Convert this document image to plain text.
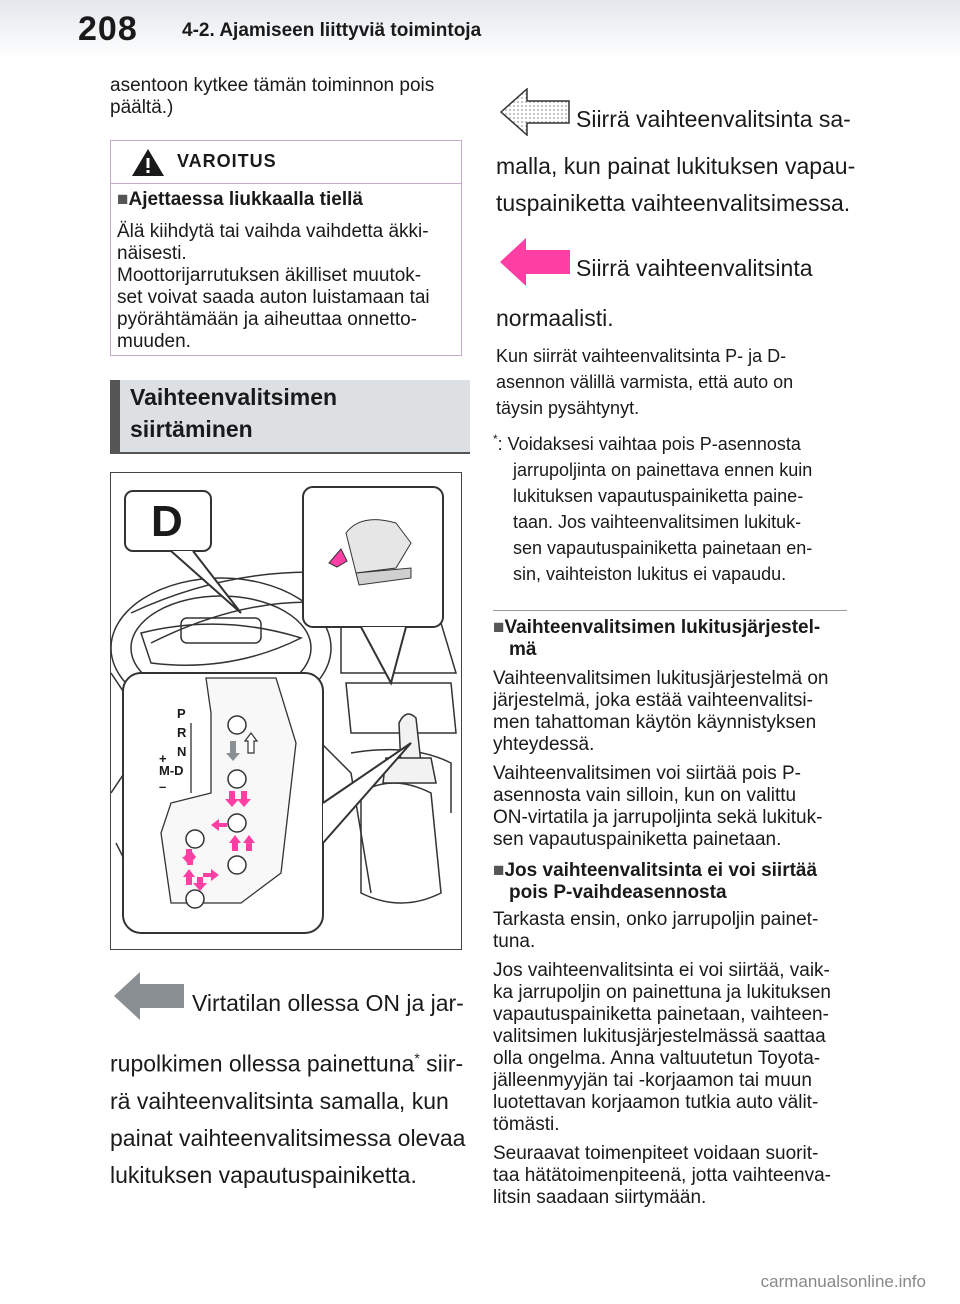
208 4-2. Ajamiseen liittyviä toimintoja
asentoon kytkee tämän toiminnon pois
päältä.)
VAROITUS
■Ajettaessa liukkaalla tiellä
Älä kiihdytä tai vaihda vaihdetta äkki-
näisesti.
Moottorijarrutuksen äkilliset muutok-
set voivat saada auton luistamaan tai
pyörähtämään ja aiheuttaa onnetto-
muuden.
Vaihteenvalitsimen
siirtäminen
D
P
R
N
+
M-D
–
Virtatilan ollessa ON ja jar-
rupolkimen ollessa painettuna* siir-
rä vaihteenvalitsinta samalla, kun
painat vaihteenvalitsimessa olevaa
lukituksen vapautuspainiketta.
Siirrä vaihteenvalitsinta sa-
malla, kun painat lukituksen vapau-
tuspainiketta vaihteenvalitsimessa.
Siirrä vaihteenvalitsinta
normaalisti.
Kun siirrät vaihteenvalitsinta P- ja D-
asennon välillä varmista, että auto on
täysin pysähtynyt.
*: Voidaksesi vaihtaa pois P-asennosta
jarrupoljinta on painettava ennen kuin
lukituksen vapautuspainiketta paine-
taan. Jos vaihteenvalitsimen lukituk-
sen vapautuspainiketta painetaan en-
sin, vaihteiston lukitus ei vapaudu.
■Vaihteenvalitsimen lukitusjärjestel-
mä
Vaihteenvalitsimen lukitusjärjestelmä on
järjestelmä, joka estää vaihteenvalitsi-
men tahattoman käytön käynnistyksen
yhteydessä.
Vaihteenvalitsimen voi siirtää pois P-
asennosta vain silloin, kun on valittu
ON-virtatila ja jarrupoljinta sekä lukituk-
sen vapautuspainiketta painetaan.
■Jos vaihteenvalitsinta ei voi siirtää
pois P-vaihdeasennosta
Tarkasta ensin, onko jarrupoljin painet-
tuna.
Jos vaihteenvalitsinta ei voi siirtää, vaik-
ka jarrupoljin on painettuna ja lukituksen
vapautuspainiketta painetaan, vaihteen-
valitsimen lukitusjärjestelmässä saattaa
olla ongelma. Anna valtuutetun Toyota-
jälleenmyyjän tai -korjaamon tai muun
luotettavan korjaamon tutkia auto välit-
tömästi.
Seuraavat toimenpiteet voidaan suorit-
taa hätätoimenpiteenä, jotta vaihteenva-
litsin saadaan siirtymään.
carmanualsonline.info
